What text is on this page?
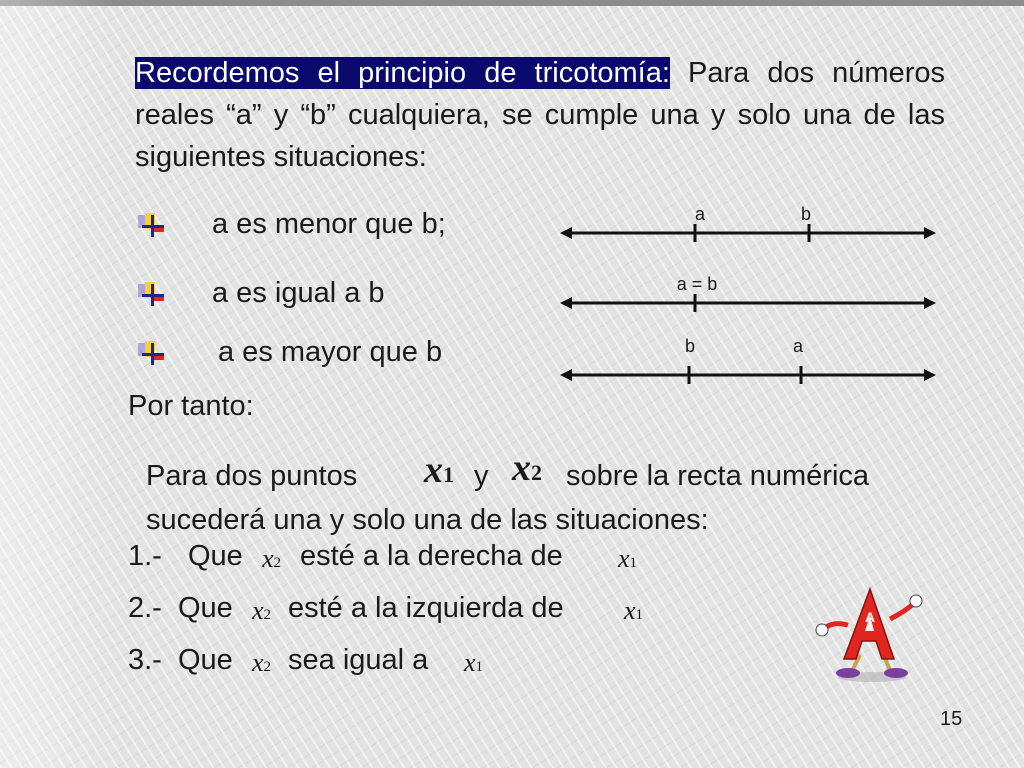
Recordemos el principio de tricotomía: Para dos números reales “a” y “b” cualquiera, se cumple una y solo una de las siguientes situaciones:

a es menor que b;	a	b
a es igual a b	a = b
a es mayor que b	b	a

Por tanto:

Para dos puntos x1 y x2 sobre la recta numérica

sucederá una y solo una de las situaciones:

1.- Que x2 esté a la derecha de x1
2.- Que x2 esté a la izquierda de x1
3.- Que x2 sea igual a x1
A
15
